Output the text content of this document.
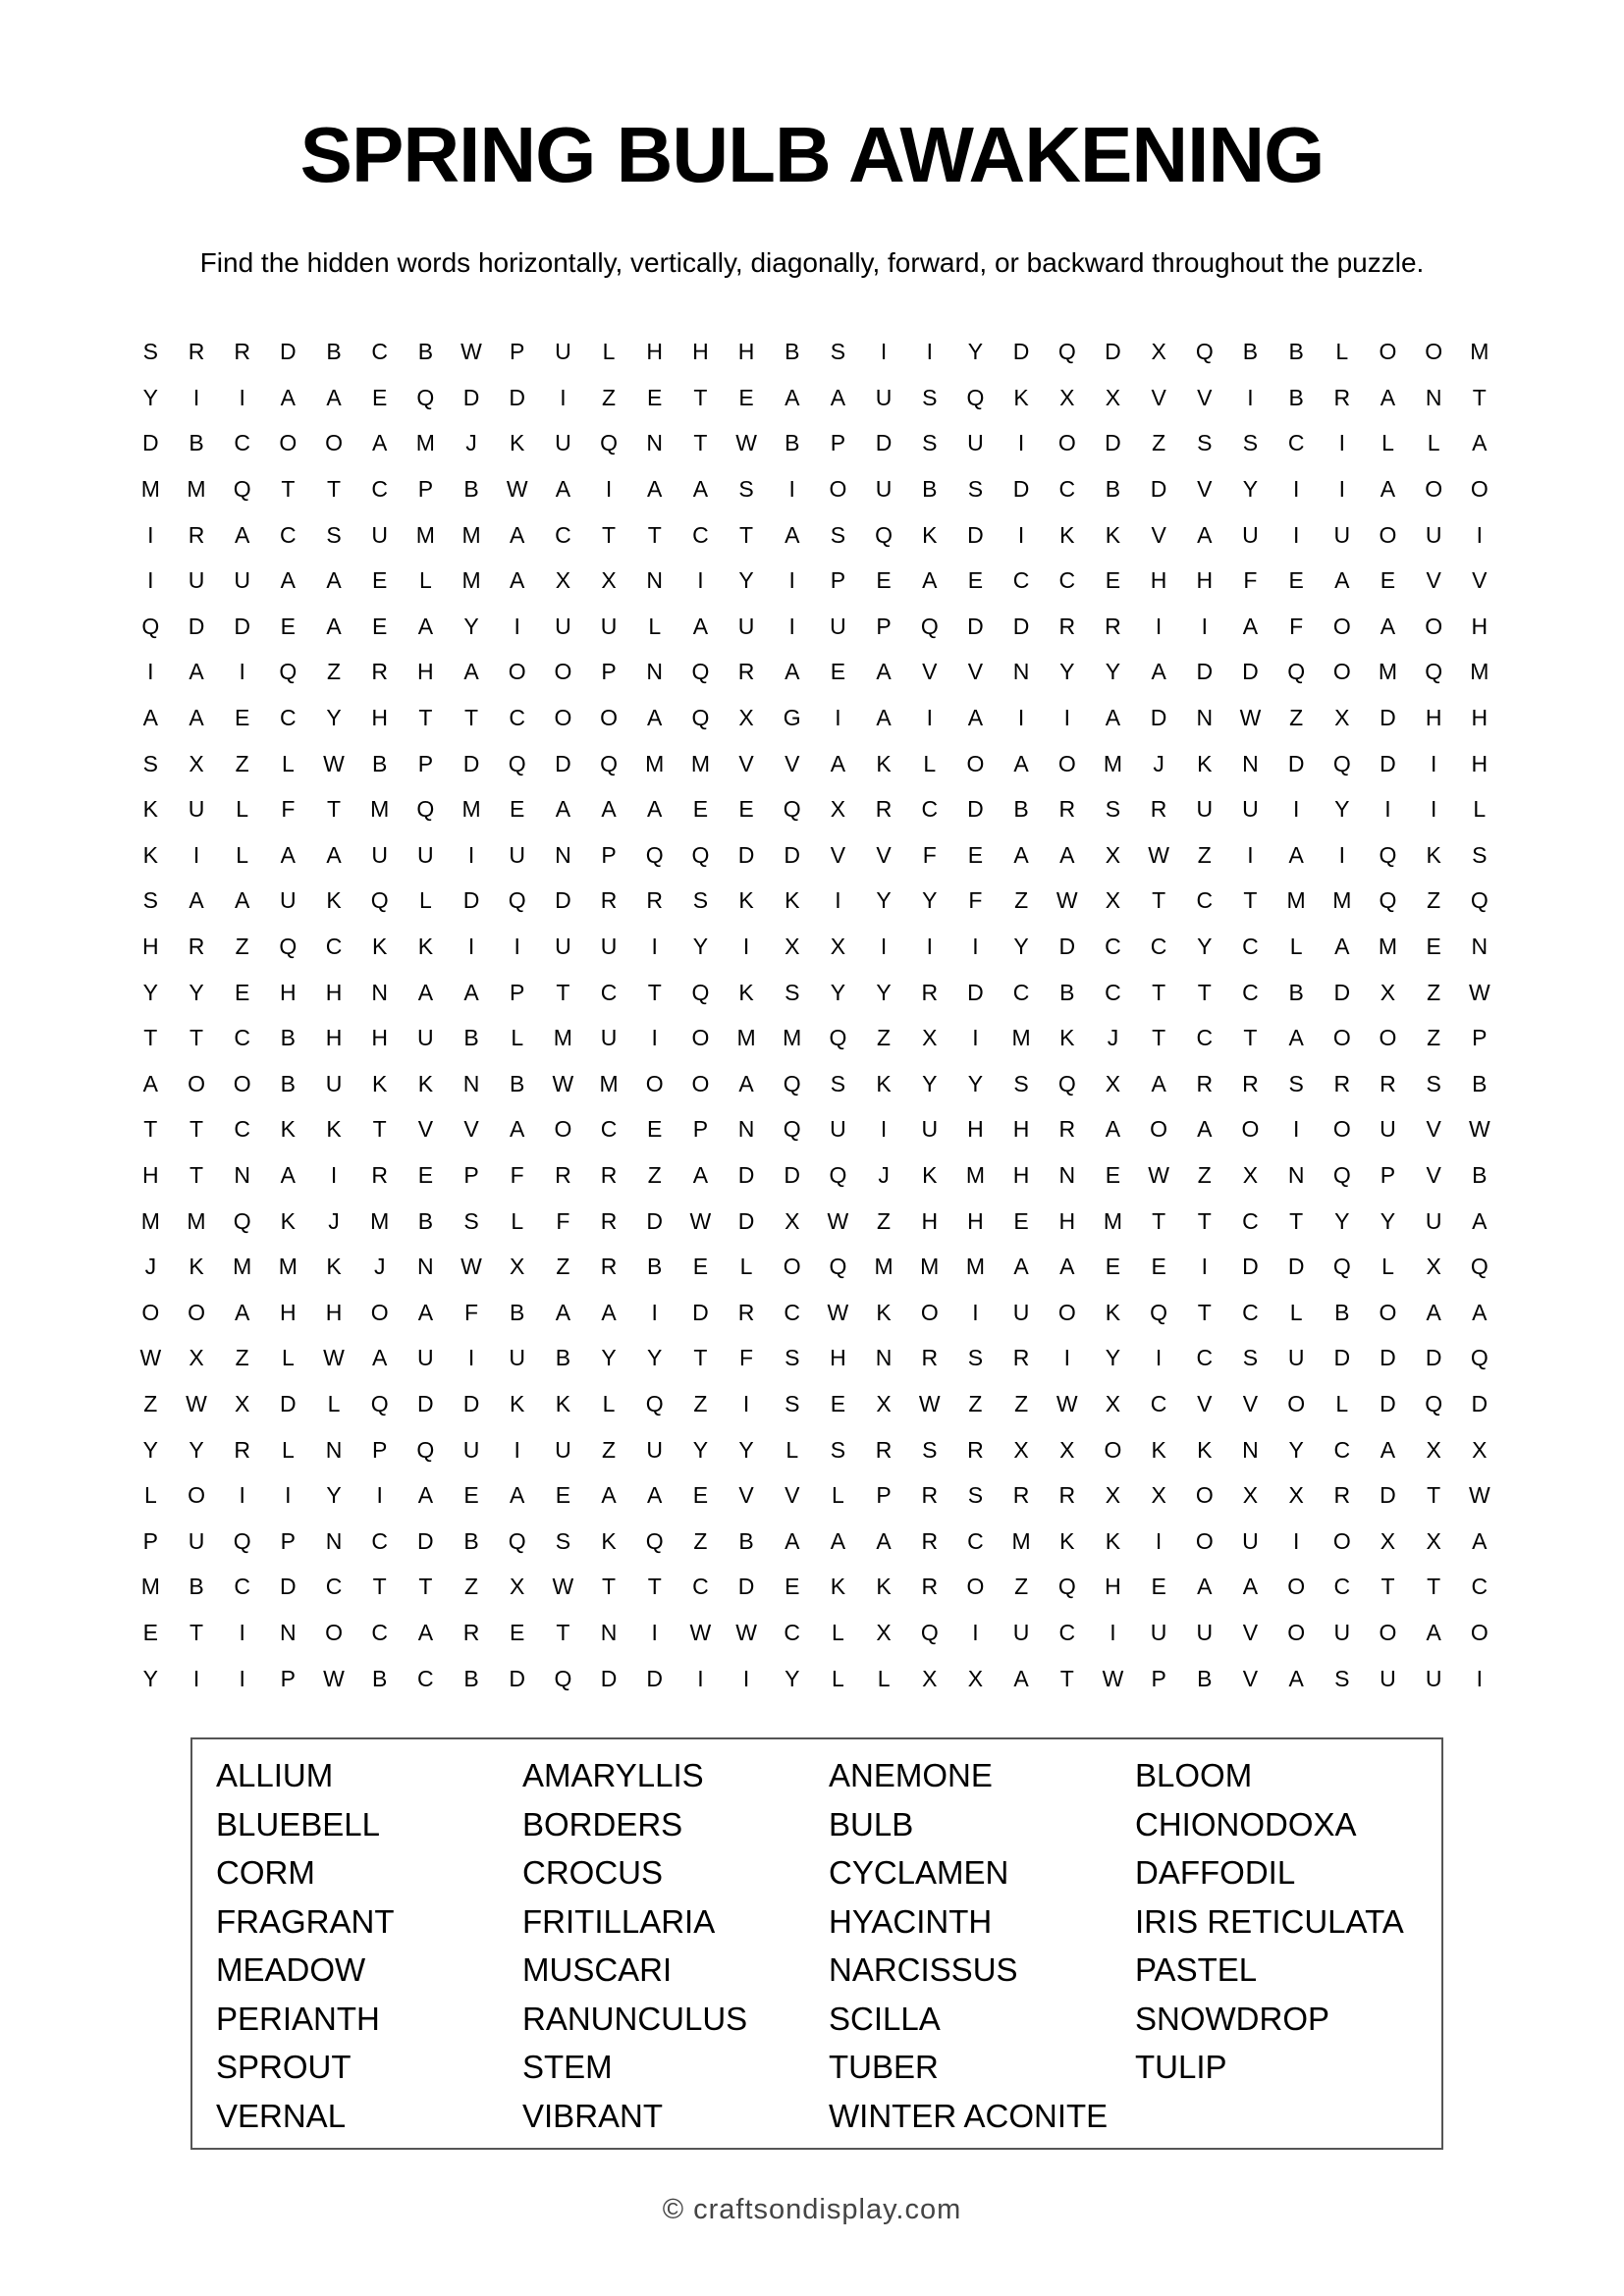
SPRING BULB AWAKENING
Find the hidden words horizontally, vertically, diagonally, forward, or backward throughout the puzzle.
S	R	R	D	B	C	B	W	P	U	L	H	H	H	B	S	I	I	Y	D	Q	D	X	Q	B	B	L	O	O	M
Y	I	I	A	A	E	Q	D	D	I	Z	E	T	E	A	A	U	S	Q	K	X	X	V	V	I	B	R	A	N	T
D	B	C	O	O	A	M	J	K	U	Q	N	T	W	B	P	D	S	U	I	O	D	Z	S	S	C	I	L	L	A
M	M	Q	T	T	C	P	B	W	A	I	A	A	S	I	O	U	B	S	D	C	B	D	V	Y	I	I	A	O	O
I	R	A	C	S	U	M	M	A	C	T	T	C	T	A	S	Q	K	D	I	K	K	V	A	U	I	U	O	U	I
I	U	U	A	A	E	L	M	A	X	X	N	I	Y	I	P	E	A	E	C	C	E	H	H	F	E	A	E	V	V
Q	D	D	E	A	E	A	Y	I	U	U	L	A	U	I	U	P	Q	D	D	R	R	I	I	A	F	O	A	O	H
I	A	I	Q	Z	R	H	A	O	O	P	N	Q	R	A	E	A	V	V	N	Y	Y	A	D	D	Q	O	M	Q	M
A	A	E	C	Y	H	T	T	C	O	O	A	Q	X	G	I	A	I	A	I	I	A	D	N	W	Z	X	D	H	H
S	X	Z	L	W	B	P	D	Q	D	Q	M	M	V	V	A	K	L	O	A	O	M	J	K	N	D	Q	D	I	H
K	U	L	F	T	M	Q	M	E	A	A	A	E	E	Q	X	R	C	D	B	R	S	R	U	U	I	Y	I	I	L
K	I	L	A	A	U	U	I	U	N	P	Q	Q	D	D	V	V	F	E	A	A	X	W	Z	I	A	I	Q	K	S
S	A	A	U	K	Q	L	D	Q	D	R	R	S	K	K	I	Y	Y	F	Z	W	X	T	C	T	M	M	Q	Z	Q
H	R	Z	Q	C	K	K	I	I	U	U	I	Y	I	X	X	I	I	I	Y	D	C	C	Y	C	L	A	M	E	N
Y	Y	E	H	H	N	A	A	P	T	C	T	Q	K	S	Y	Y	R	D	C	B	C	T	T	C	B	D	X	Z	W
T	T	C	B	H	H	U	B	L	M	U	I	O	M	M	Q	Z	X	I	M	K	J	T	C	T	A	O	O	Z	P
A	O	O	B	U	K	K	N	B	W	M	O	O	A	Q	S	K	Y	Y	S	Q	X	A	R	R	S	R	R	S	B
T	T	C	K	K	T	V	V	A	O	C	E	P	N	Q	U	I	U	H	H	R	A	O	A	O	I	O	U	V	W
H	T	N	A	I	R	E	P	F	R	R	Z	A	D	D	Q	J	K	M	H	N	E	W	Z	X	N	Q	P	V	B
M	M	Q	K	J	M	B	S	L	F	R	D	W	D	X	W	Z	H	H	E	H	M	T	T	C	T	Y	Y	U	A
J	K	M	M	K	J	N	W	X	Z	R	B	E	L	O	Q	M	M	M	A	A	E	E	I	D	D	Q	L	X	Q
O	O	A	H	H	O	A	F	B	A	A	I	D	R	C	W	K	O	I	U	O	K	Q	T	C	L	B	O	A	A
W	X	Z	L	W	A	U	I	U	B	Y	Y	T	F	S	H	N	R	S	R	I	Y	I	C	S	U	D	D	D	Q
Z	W	X	D	L	Q	D	D	K	K	L	Q	Z	I	S	E	X	W	Z	Z	W	X	C	V	V	O	L	D	Q	D
Y	Y	R	L	N	P	Q	U	I	U	Z	U	Y	Y	L	S	R	S	R	X	X	O	K	K	N	Y	C	A	X	X
L	O	I	I	Y	I	A	E	A	E	A	A	E	V	V	L	P	R	S	R	R	X	X	O	X	X	R	D	T	W
P	U	Q	P	N	C	D	B	Q	S	K	Q	Z	B	A	A	A	R	C	M	K	K	I	O	U	I	O	X	X	A
M	B	C	D	C	T	T	Z	X	W	T	T	C	D	E	K	K	R	O	Z	Q	H	E	A	A	O	C	T	T	C
E	T	I	N	O	C	A	R	E	T	N	I	W	W	C	L	X	Q	I	U	C	I	U	U	V	O	U	O	A	O
Y	I	I	P	W	B	C	B	D	Q	D	D	I	I	Y	L	L	X	X	A	T	W	P	B	V	A	S	U	U	I
ALLIUM	AMARYLLIS	ANEMONE	BLOOM
BLUEBELL	BORDERS	BULB	CHIONODOXA
CORM	CROCUS	CYCLAMEN	DAFFODIL
FRAGRANT	FRITILLARIA	HYACINTH	IRIS RETICULATA
MEADOW	MUSCARI	NARCISSUS	PASTEL
PERIANTH	RANUNCULUS	SCILLA	SNOWDROP
SPROUT	STEM	TUBER	TULIP
VERNAL	VIBRANT	WINTER ACONITE
© craftsondisplay.com
